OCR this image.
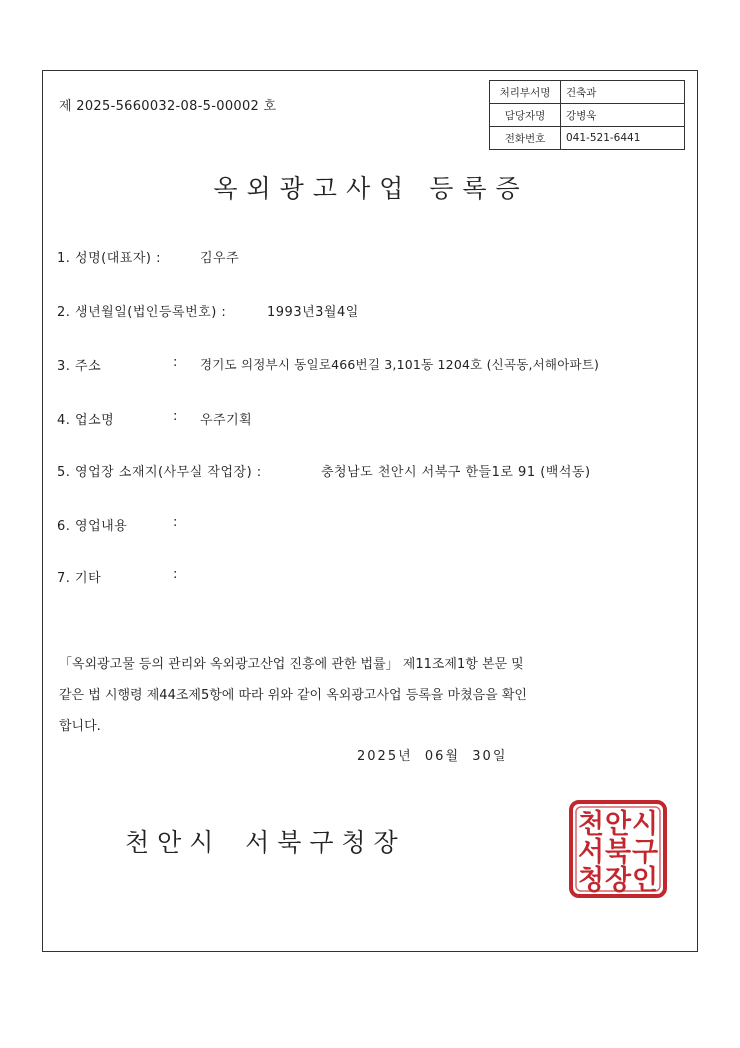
제 2025-5660032-08-5-00002 호
처리부서명	건축과
담당자명	강병욱
전화번호	041-521-6441
옥외광고사업 등록증
1. 성명(대표자) :	김우주
2. 생년월일(법인등록번호) :	1993년3월4일
3. 주소	: 경기도 의정부시 동일로466번길 3,101동 1204호 (신곡동,서해아파트)
4. 업소명	: 우주기획
5. 영업장 소재지(사무실 작업장) :	충청남도 천안시 서북구 한들1로 91 (백석동)
6. 영업내용	:
7. 기타	:
「옥외광고물 등의 관리와 옥외광고산업 진흥에 관한 법률」 제11조제1항 본문 및
같은 법 시행령 제44조제5항에 따라 위와 같이 옥외광고사업 등록을 마쳤음을 확인
합니다.
2025년  06월  30일
천 안 시    서 북 구 청 장
천 안 시
서 북 구
청 장 인
